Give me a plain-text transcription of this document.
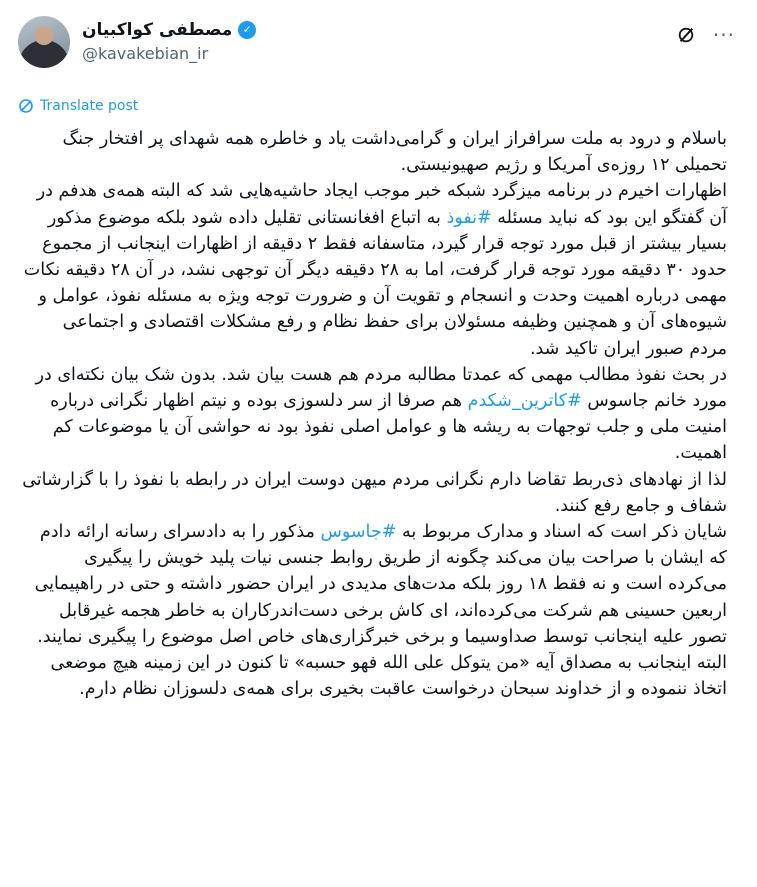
✓
مصطفی کواکبیان
@kavakebian_ir
···
Translate post

باسلام و درود به ملت سرافراز ایران و گرامی‌داشت یاد و خاطره همه شهدای پر افتخار جنگ تحمیلی ۱۲ روزه‌ی آمریکا و رژیم صهیونیستی.

اظهارات اخیرم در برنامه میزگرد شبکه خبر موجب ایجاد حاشیه‌هایی شد که البته همه‌ی هدفم در آن گفتگو این بود که نباید مسئله #نفوذ به اتباع افغانستانی تقلیل داده شود بلکه موضوع مذکور بسیار بیشتر از قبل مورد توجه قرار گیرد، متاسفانه فقط ۲ دقیقه از اظهارات اینجانب از مجموع حدود ۳۰ دقیقه مورد توجه قرار گرفت، اما به ۲۸ دقیقه دیگر آن توجهی نشد، در آن ۲۸ دقیقه نکات مهمی درباره اهمیت وحدت و انسجام و تقویت آن و ضرورت توجه ویژه به مسئله نفوذ، عوامل و شیوه‌های آن و همچنین وظیفه مسئولان برای حفظ نظام و رفع مشکلات اقتصادی و اجتماعی مردم صبور ایران تاکید شد.

در بحث نفوذ مطالب مهمی که عمدتا مطالبه مردم هم هست بیان شد. بدون شک بیان نکته‌ای در مورد خانم جاسوس #کاترین_شکدم هم صرفا از سر دلسوزی بوده و نیتم اظهار نگرانی درباره امنیت ملی و جلب توجهات به ریشه ها و عوامل اصلی نفوذ بود نه حواشی آن یا موضوعات کم اهمیت.

لذا از نهادهای ذی‌ربط تقاضا دارم نگرانی مردم میهن دوست ایران در رابطه با نفوذ را با گزارشاتی شفاف و جامع رفع کنند.

شایان ذکر است که اسناد و مدارک مربوط به #جاسوس مذکور را به دادسرای رسانه ارائه دادم که ایشان با صراحت بیان می‌کند چگونه از طریق روابط جنسی نیات پلید خویش را پیگیری می‌کرده است و نه فقط ۱۸ روز بلکه مدت‌های مدیدی در ایران حضور داشته و حتی در راهپیمایی اربعین حسینی هم شرکت می‌کرده‌اند، ای کاش برخی دست‌اندرکاران به خاطر هجمه غیرقابل تصور علیه اینجانب توسط صداوسیما و برخی خبرگزاری‌های خاص اصل موضوع را پیگیری نمایند. البته اینجانب به مصداق آیه «من یتوکل علی الله فهو حسبه» تا کنون در این زمینه هیچ موضعی اتخاذ ننموده و از خداوند سبحان درخواست عاقبت بخیری برای همه‌ی دلسوزان نظام دارم.
